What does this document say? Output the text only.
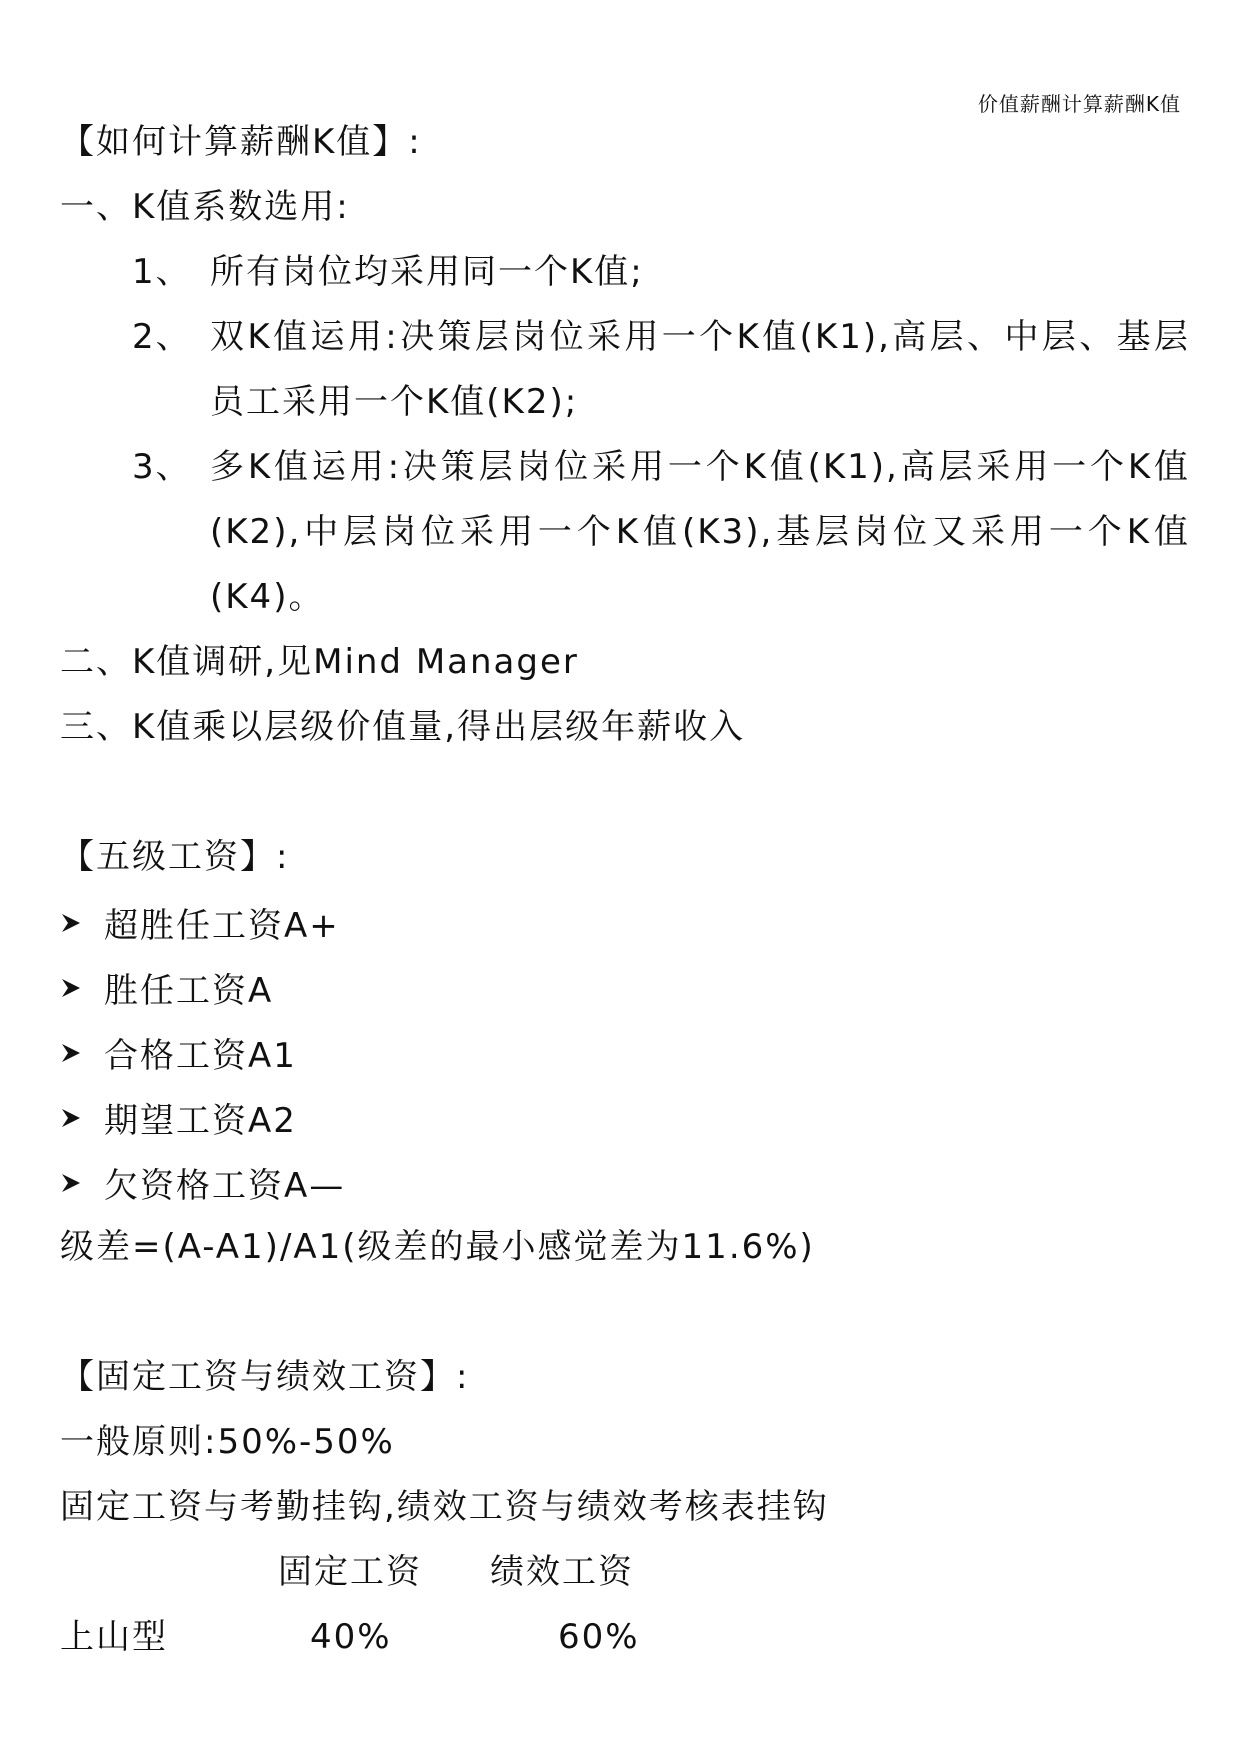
价值薪酬计算薪酬K值
【如何计算薪酬K值】:
一、K值系数选用:
1、 所有岗位均采用同一个K值;
2、 双K值运用:决策层岗位采用一个K值(K1),高层、中层、基层员工采用一个K值(K2);
3、 多K值运用:决策层岗位采用一个K值(K1),高层采用一个K值(K2),中层岗位采用一个K值(K3),基层岗位又采用一个K值(K4)。
二、K值调研,见Mind Manager
三、K值乘以层级价值量,得出层级年薪收入
【五级工资】:
超胜任工资A+
胜任工资A
合格工资A1
期望工资A2
欠资格工资A—
级差=(A-A1)/A1(级差的最小感觉差为11.6%)
【固定工资与绩效工资】:
一般原则:50%-50%
固定工资与考勤挂钩,绩效工资与绩效考核表挂钩
固定工资 绩效工资
上山型	40%	60%
